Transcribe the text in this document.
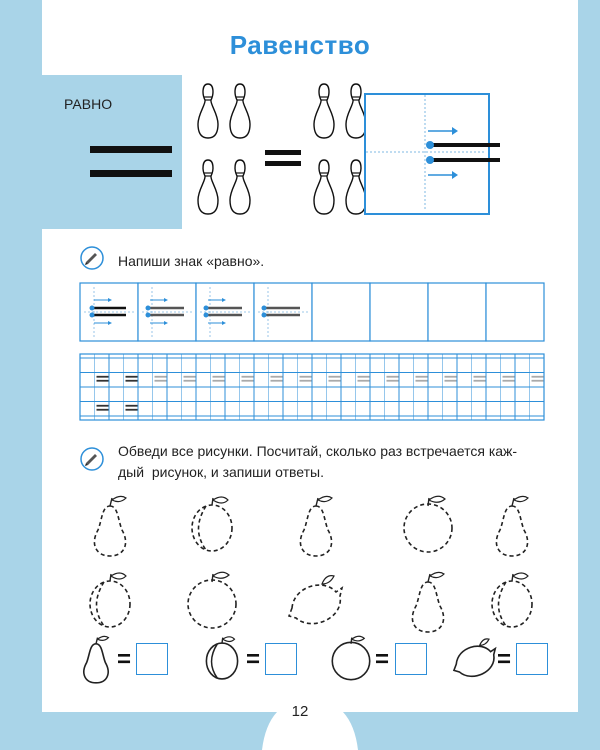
Равенство
РАВНО
Напиши знак «равно».
Обведи все рисунки. Посчитай, сколько раз встречается каж-
дый  рисунок, и запиши ответы.
=	=	=	=
12
